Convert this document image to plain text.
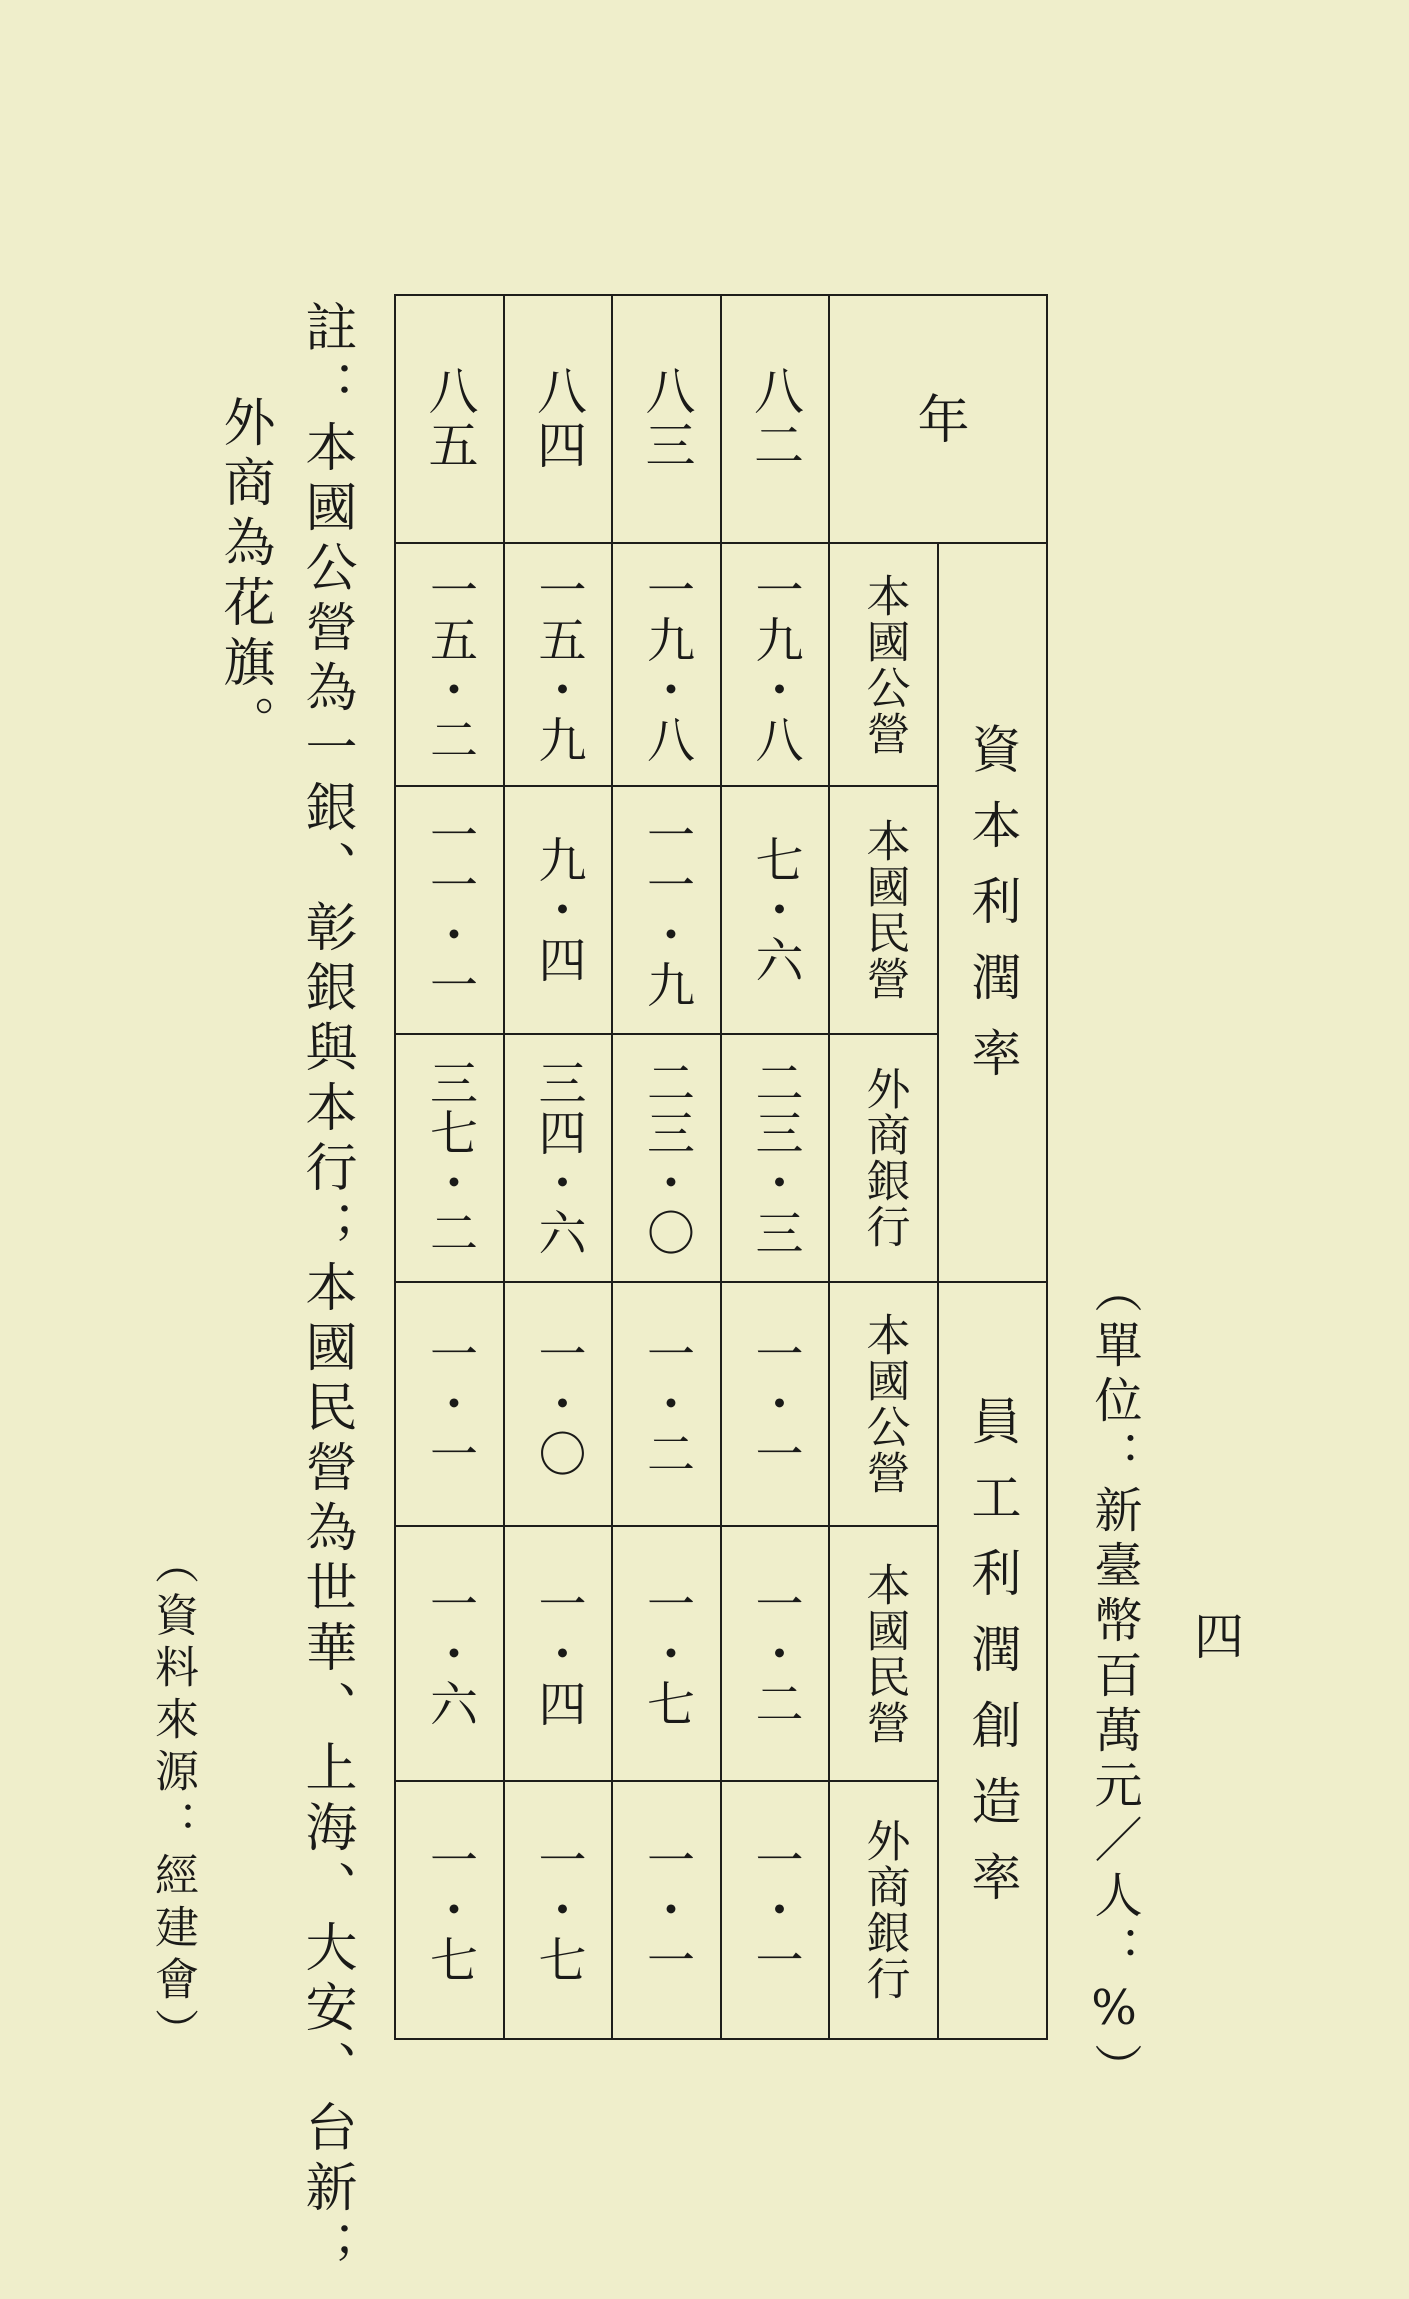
四
（單位：新臺幣百萬元／人：%）
年
資本利潤率
員工利潤創造率
本國公營
本國民營
外商銀行
本國公營
本國民營
外商銀行
八二
一九・八
七・六
二三・三
一・一
一・二
一・一
八三
一九・八
一一・九
二三・〇
一・二
一・七
一・一
八四
一五・九
九・四
三四・六
一・〇
一・四
一・七
八五
一五・二
一一・一
三七・二
一・一
一・六
一・七
註：本國公營為一銀、彰銀與本行；本國民營為世華、上海、大安、台新；
外商為花旗。
（資料來源：經建會）
